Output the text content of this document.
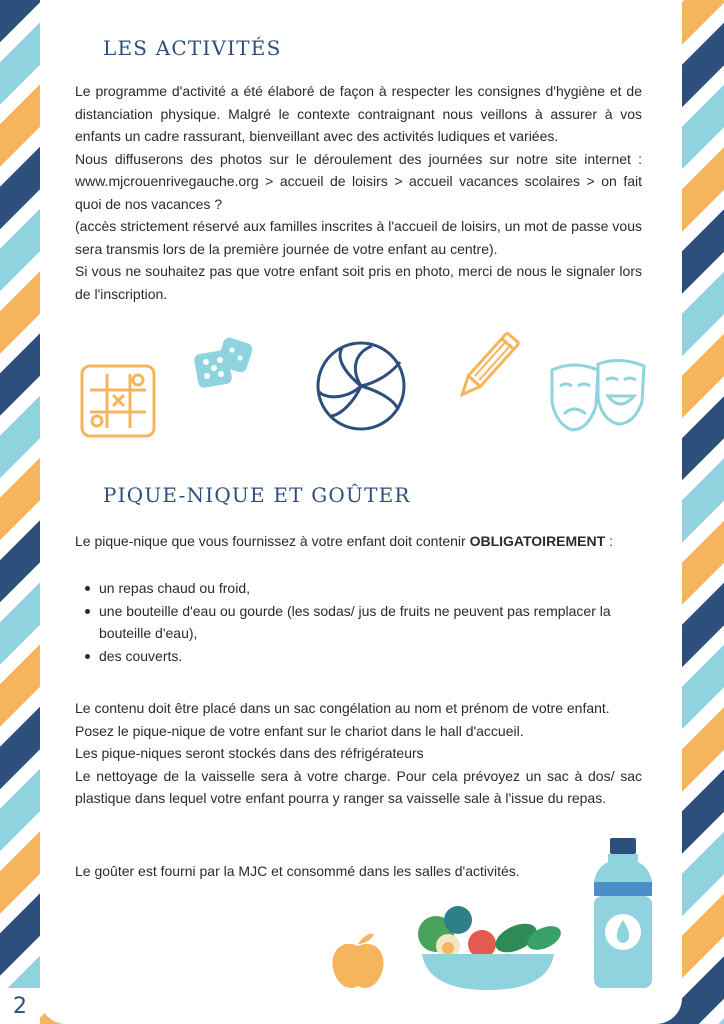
LES ACTIVITÉS

Le programme d'activité a été élaboré de façon à respecter les consignes d'hygiène et de distanciation physique. Malgré le contexte contraignant nous veillons à assurer à vos enfants un cadre rassurant, bienveillant avec des activités ludiques et variées.

Nous diffuserons des photos sur le déroulement des journées sur notre site internet : www.mjcrouenrivegauche.org > accueil de loisirs > accueil vacances scolaires > on fait quoi de nos vacances ?

(accès strictement réservé aux familles inscrites à l'accueil de loisirs, un mot de passe vous sera transmis lors de la première journée de votre enfant au centre).

Si vous ne souhaitez pas que votre enfant soit pris en photo, merci de nous le signaler lors de l'inscription.

PIQUE-NIQUE ET GOÛTER

Le pique-nique que vous fournissez à votre enfant doit contenir OBLIGATOIREMENT :

un repas chaud ou froid,
une bouteille d'eau ou gourde (les sodas/ jus de fruits ne peuvent pas remplacer la bouteille d'eau),
des couverts.

Le contenu doit être placé dans un sac congélation au nom et prénom de votre enfant.

Posez le pique-nique de votre enfant sur le chariot dans le hall d'accueil.

Les pique-niques seront stockés dans des réfrigérateurs

Le nettoyage de la vaisselle sera à votre charge. Pour cela prévoyez un sac à dos/ sac plastique dans lequel votre enfant pourra y ranger sa vaisselle sale à l'issue du repas.

Le goûter est fourni par la MJC et consommé dans les salles d'activités.

2
